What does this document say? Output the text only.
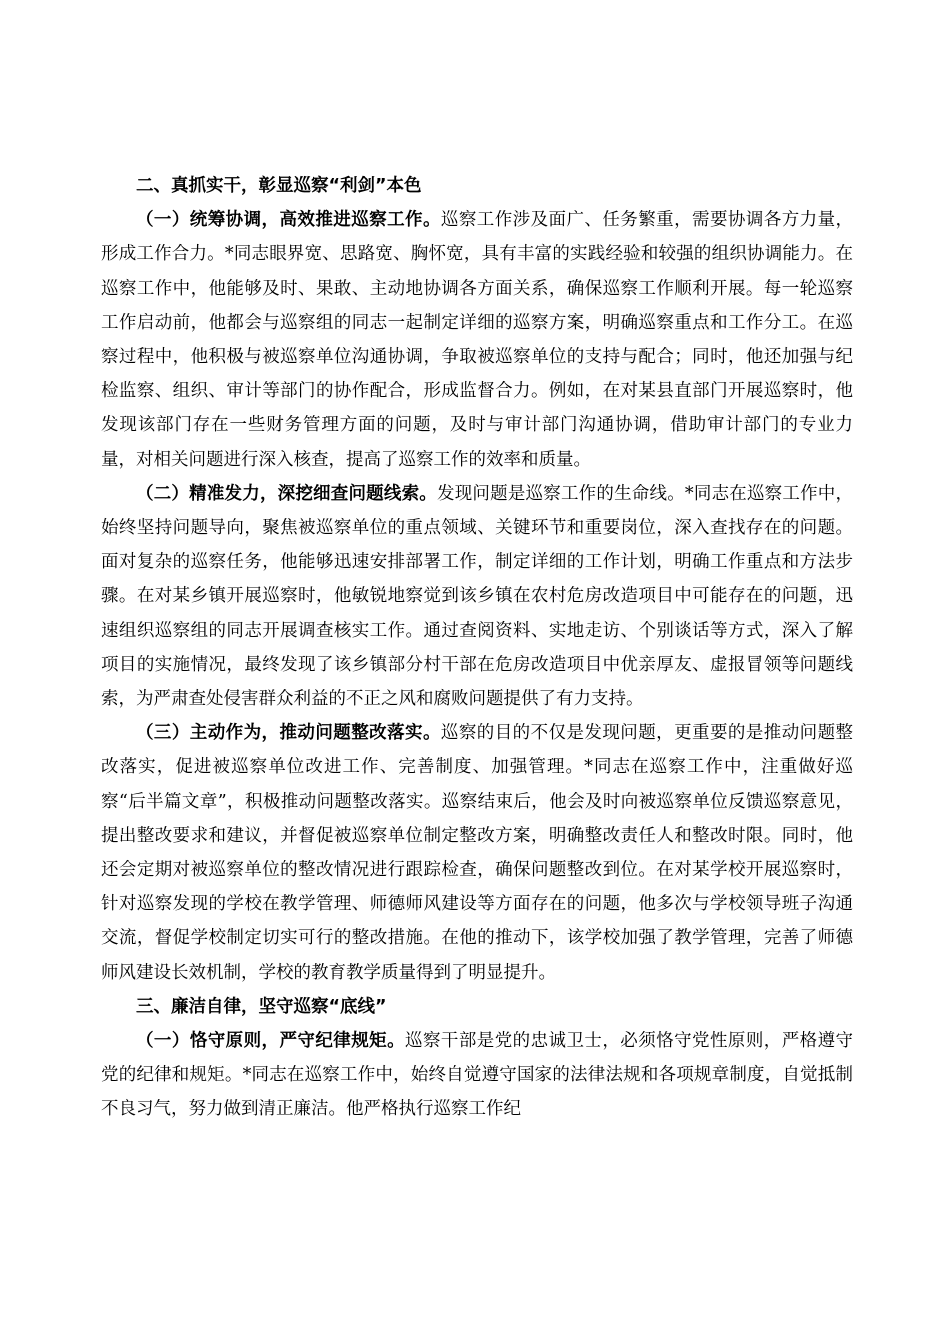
二、真抓实干，彰显巡察“利剑”本色

（一）统筹协调，高效推进巡察工作。巡察工作涉及面广、任务繁重，需要协调各方力量，形成工作合力。*同志眼界宽、思路宽、胸怀宽，具有丰富的实践经验和较强的组织协调能力。在巡察工作中，他能够及时、果敢、主动地协调各方面关系，确保巡察工作顺利开展。每一轮巡察工作启动前，他都会与巡察组的同志一起制定详细的巡察方案，明确巡察重点和工作分工。在巡察过程中，他积极与被巡察单位沟通协调，争取被巡察单位的支持与配合；同时，他还加强与纪检监察、组织、审计等部门的协作配合，形成监督合力。例如，在对某县直部门开展巡察时，他发现该部门存在一些财务管理方面的问题，及时与审计部门沟通协调，借助审计部门的专业力量，对相关问题进行深入核查，提高了巡察工作的效率和质量。

（二）精准发力，深挖细查问题线索。发现问题是巡察工作的生命线。*同志在巡察工作中，始终坚持问题导向，聚焦被巡察单位的重点领域、关键环节和重要岗位，深入查找存在的问题。面对复杂的巡察任务，他能够迅速安排部署工作，制定详细的工作计划，明确工作重点和方法步骤。在对某乡镇开展巡察时，他敏锐地察觉到该乡镇在农村危房改造项目中可能存在的问题，迅速组织巡察组的同志开展调查核实工作。通过查阅资料、实地走访、个别谈话等方式，深入了解项目的实施情况，最终发现了该乡镇部分村干部在危房改造项目中优亲厚友、虚报冒领等问题线索，为严肃查处侵害群众利益的不正之风和腐败问题提供了有力支持。

（三）主动作为，推动问题整改落实。巡察的目的不仅是发现问题，更重要的是推动问题整改落实，促进被巡察单位改进工作、完善制度、加强管理。*同志在巡察工作中，注重做好巡察“后半篇文章”，积极推动问题整改落实。巡察结束后，他会及时向被巡察单位反馈巡察意见，提出整改要求和建议，并督促被巡察单位制定整改方案，明确整改责任人和整改时限。同时，他还会定期对被巡察单位的整改情况进行跟踪检查，确保问题整改到位。在对某学校开展巡察时，针对巡察发现的学校在教学管理、师德师风建设等方面存在的问题，他多次与学校领导班子沟通交流，督促学校制定切实可行的整改措施。在他的推动下，该学校加强了教学管理，完善了师德师风建设长效机制，学校的教育教学质量得到了明显提升。

三、廉洁自律，坚守巡察“底线”

（一）恪守原则，严守纪律规矩。巡察干部是党的忠诚卫士，必须恪守党性原则，严格遵守党的纪律和规矩。*同志在巡察工作中，始终自觉遵守国家的法律法规和各项规章制度，自觉抵制不良习气，努力做到清正廉洁。他严格执行巡察工作纪
